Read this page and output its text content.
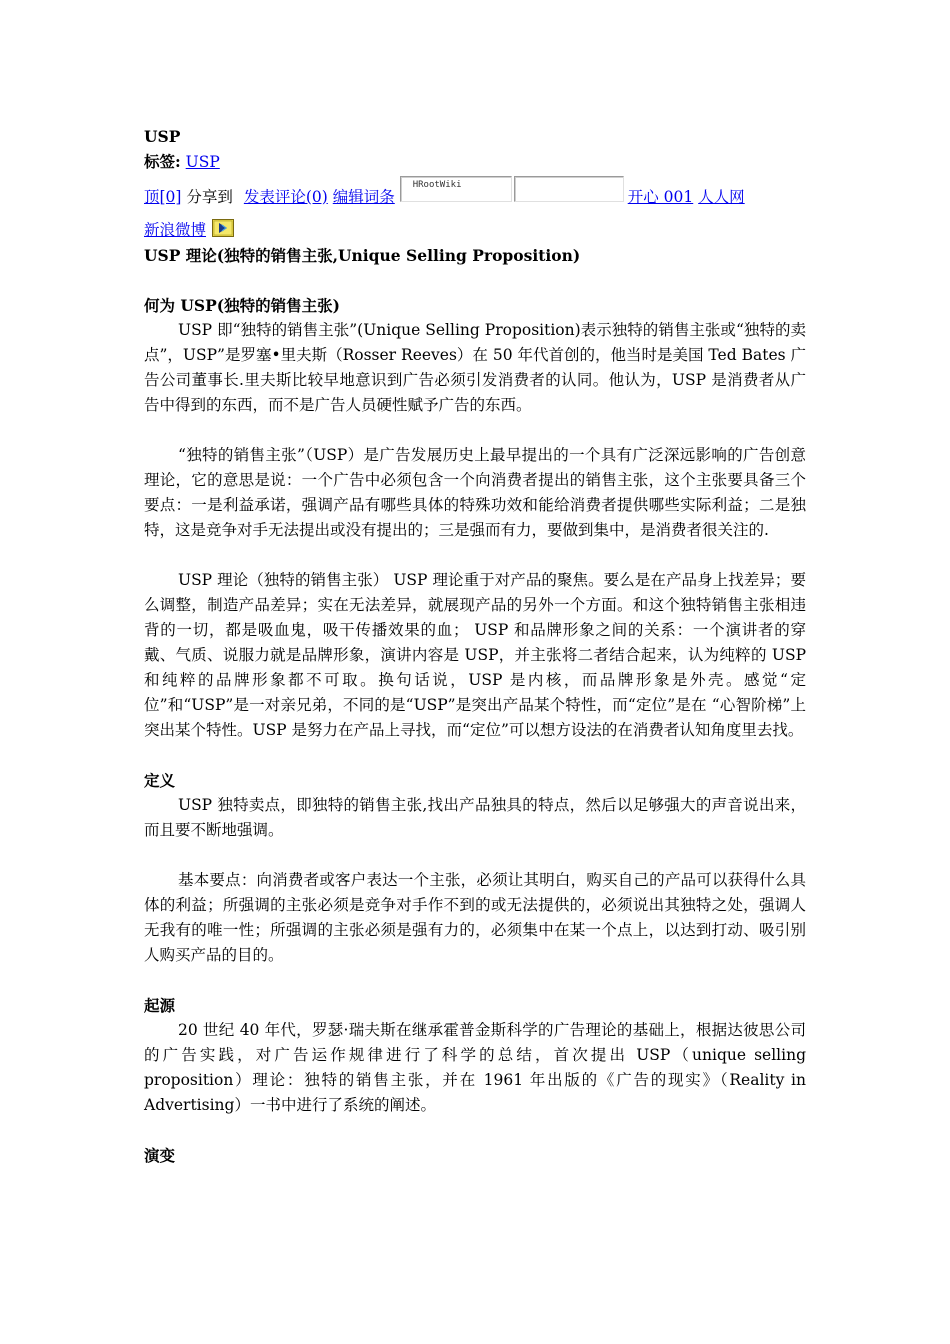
USP
标签: USP
顶[0] 分享到 发表评论(0) 编辑词条
HRootWiki
开心 001 人人网
新浪微博
USP 理论(独特的销售主张,Unique Selling Proposition)
何为 USP(独特的销售主张)

USP 即“独特的销售主张”(Unique Selling Proposition)表示独特的销售主张或“独特的卖点”，USP”是罗塞•里夫斯（Rosser Reeves）在 50 年代首创的，他当时是美国 Ted Bates 广告公司董事长.里夫斯比较早地意识到广告必须引发消费者的认同。他认为，USP 是消费者从广告中得到的东西，而不是广告人员硬性赋予广告的东西。

“独特的销售主张”（USP）是广告发展历史上最早提出的一个具有广泛深远影响的广告创意理论，它的意思是说：一个广告中必须包含一个向消费者提出的销售主张，这个主张要具备三个要点：一是利益承诺，强调产品有哪些具体的特殊功效和能给消费者提供哪些实际利益；二是独特，这是竞争对手无法提出或没有提出的；三是强而有力，要做到集中，是消费者很关注的.

USP 理论（独特的销售主张） USP 理论重于对产品的聚焦。要么是在产品身上找差异；要么调整，制造产品差异；实在无法差异，就展现产品的另外一个方面。和这个独特销售主张相违背的一切，都是吸血鬼，吸干传播效果的血； USP 和品牌形象之间的关系：一个演讲者的穿戴、气质、说服力就是品牌形象，演讲内容是 USP，并主张将二者结合起来，认为纯粹的 USP 和纯粹的品牌形象都不可取。换句话说，USP 是内核，而品牌形象是外壳。感觉“定位”和“USP”是一对亲兄弟，不同的是“USP”是突出产品某个特性，而“定位”是在 “心智阶梯”上突出某个特性。USP 是努力在产品上寻找，而“定位”可以想方设法的在消费者认知角度里去找。

定义

USP 独特卖点，即独特的销售主张,找出产品独具的特点，然后以足够强大的声音说出来，而且要不断地强调。

基本要点：向消费者或客户表达一个主张，必须让其明白，购买自己的产品可以获得什么具体的利益；所强调的主张必须是竞争对手作不到的或无法提供的，必须说出其独特之处，强调人无我有的唯一性；所强调的主张必须是强有力的，必须集中在某一个点上，以达到打动、吸引别人购买产品的目的。

起源

20 世纪 40 年代，罗瑟·瑞夫斯在继承霍普金斯科学的广告理论的基础上，根据达彼思公司的广告实践，对广告运作规律进行了科学的总结，首次提出 USP（unique selling proposition）理论：独特的销售主张，并在 1961 年出版的《广告的现实》（Reality in Advertising）一书中进行了系统的阐述。

演变
